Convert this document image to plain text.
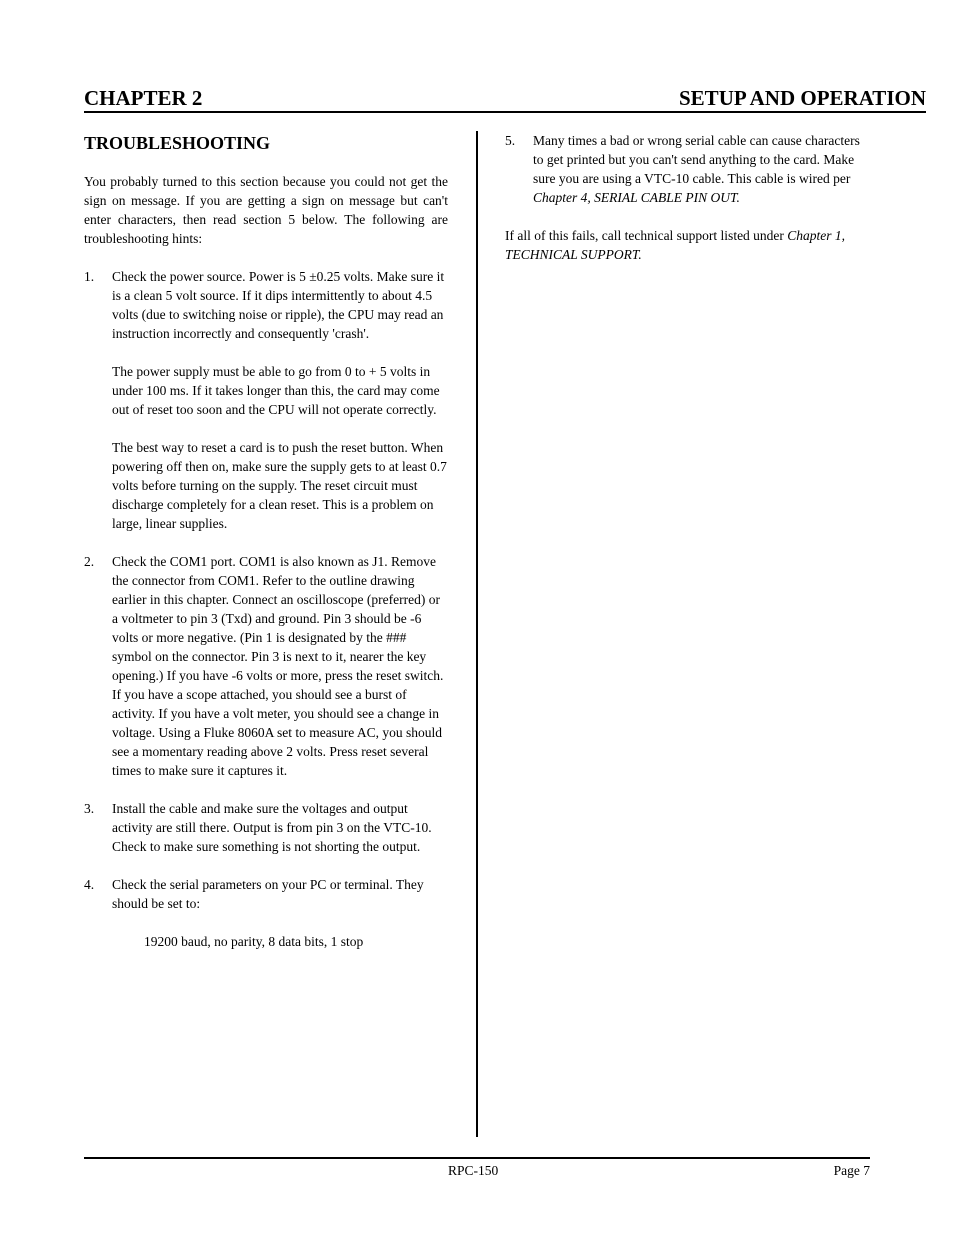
CHAPTER 2	SETUP AND OPERATION
TROUBLESHOOTING

You probably turned to this section because you could not get the sign on message. If you are getting a sign on message but can't enter characters, then read section 5 below. The following are troubleshooting hints:

1. Check the power source. Power is 5 ±0.25 volts. Make sure it is a clean 5 volt source. If it dips intermittently to about 4.5 volts (due to switching noise or ripple), the CPU may read an instruction incorrectly and consequently 'crash'.

The power supply must be able to go from 0 to + 5 volts in under 100 ms. If it takes longer than this, the card may come out of reset too soon and the CPU will not operate correctly.

The best way to reset a card is to push the reset button. When powering off then on, make sure the supply gets to at least 0.7 volts before turning on the supply. The reset circuit must discharge completely for a clean reset. This is a problem on large, linear supplies.

2. Check the COM1 port. COM1 is also known as J1. Remove the connector from COM1. Refer to the outline drawing earlier in this chapter. Connect an oscilloscope (preferred) or a voltmeter to pin 3 (Txd) and ground. Pin 3 should be -6 volts or more negative. (Pin 1 is designated by the ### symbol on the connector. Pin 3 is next to it, nearer the key opening.) If you have -6 volts or more, press the reset switch. If you have a scope attached, you should see a burst of activity. If you have a volt meter, you should see a change in voltage. Using a Fluke 8060A set to measure AC, you should see a momentary reading above 2 volts. Press reset several times to make sure it captures it.

3. Install the cable and make sure the voltages and output activity are still there. Output is from pin 3 on the VTC-10. Check to make sure something is not shorting the output.

4. Check the serial parameters on your PC or terminal. They should be set to:

19200 baud, no parity, 8 data bits, 1 stop
5. Many times a bad or wrong serial cable can cause characters to get printed but you can't send anything to the card. Make sure you are using a VTC-10 cable. This cable is wired per Chapter 4, SERIAL CABLE PIN OUT.

If all of this fails, call technical support listed under Chapter 1, TECHNICAL SUPPORT.

RPC-150	Page 7
